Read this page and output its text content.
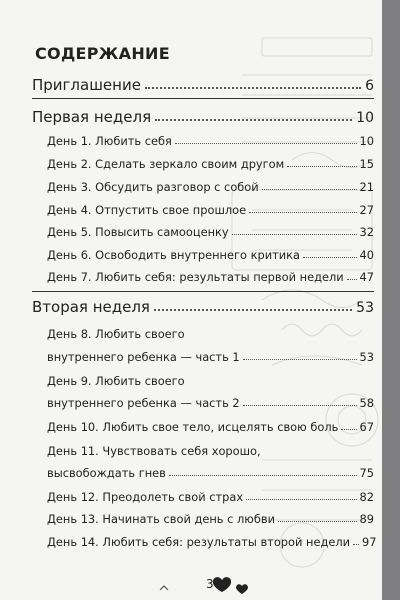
СОДЕРЖАНИЕ
Приглашение	6
Первая неделя	10
День 1. Любить себя	10
День 2. Сделать зеркало своим другом	15
День 3. Обсудить разговор с собой	21
День 4. Отпустить свое прошлое	27
День 5. Повысить самооценку	32
День 6. Освободить внутреннего критика	40
День 7. Любить себя: результаты первой недели 47
Вторая неделя	53
День 8. Любить своего
внутреннего ребенка — часть 1	53
День 9. Любить своего
внутреннего ребенка — часть 2	58
День 10. Любить свое тело, исцелять свою боль 67
День 11. Чувствовать себя хорошо,
высвобождать гнев	75
День 12. Преодолеть свой страх	82
День 13. Начинать свой день с любви	89
День 14. Любить себя: результаты второй недели 97
3
